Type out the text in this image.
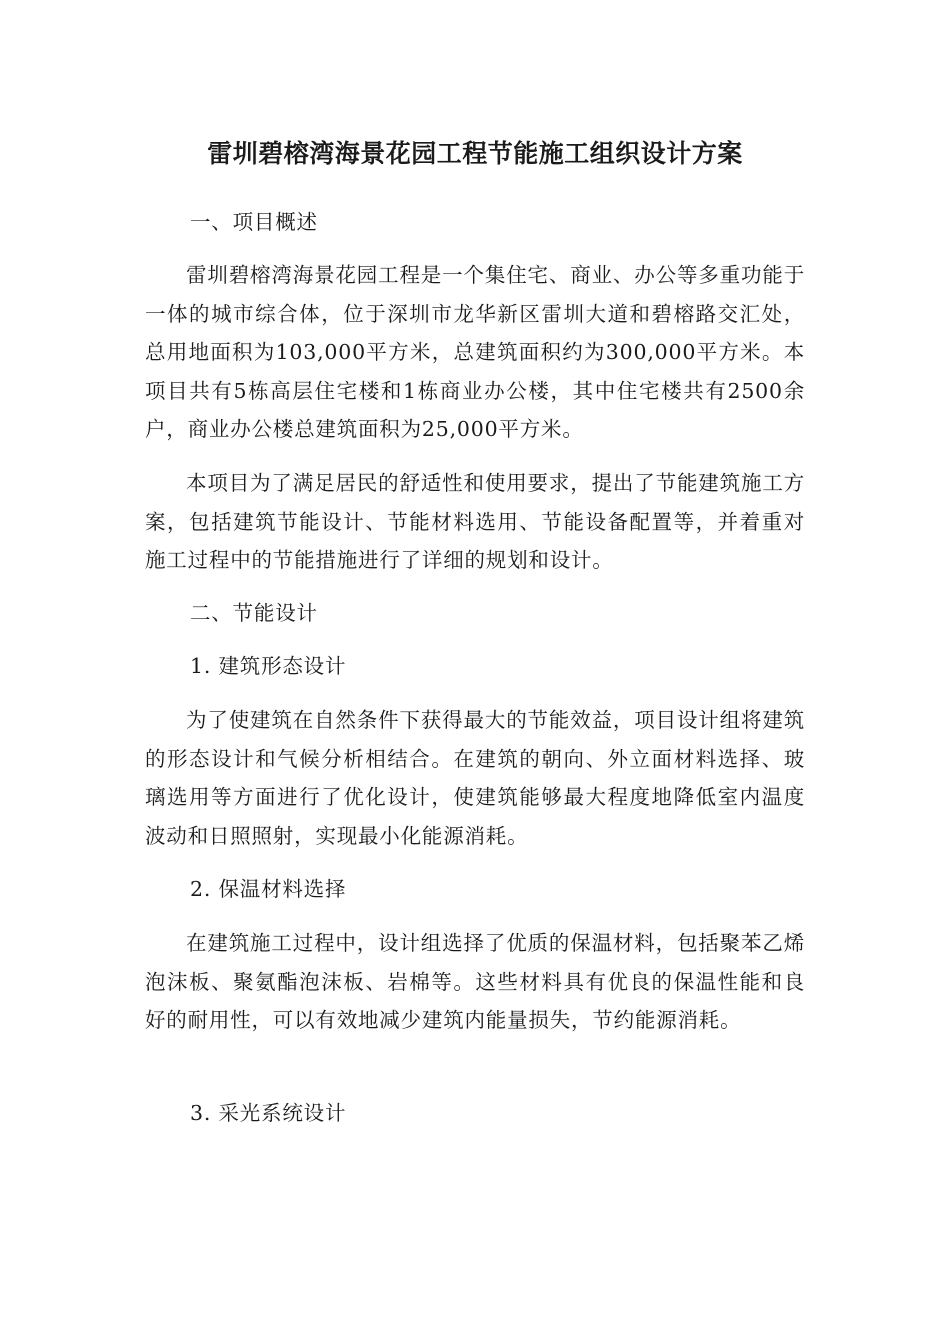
雷圳碧榕湾海景花园工程节能施工组织设计方案

一、项目概述

雷圳碧榕湾海景花园工程是一个集住宅、商业、办公等多重功能于一体的城市综合体，位于深圳市龙华新区雷圳大道和碧榕路交汇处，总用地面积为103,000平方米，总建筑面积约为300,000平方米。本项目共有5栋高层住宅楼和1栋商业办公楼，其中住宅楼共有2500余户，商业办公楼总建筑面积为25,000平方米。

本项目为了满足居民的舒适性和使用要求，提出了节能建筑施工方案，包括建筑节能设计、节能材料选用、节能设备配置等，并着重对施工过程中的节能措施进行了详细的规划和设计。

二、节能设计

1. 建筑形态设计

为了使建筑在自然条件下获得最大的节能效益，项目设计组将建筑的形态设计和气候分析相结合。在建筑的朝向、外立面材料选择、玻璃选用等方面进行了优化设计，使建筑能够最大程度地降低室内温度波动和日照照射，实现最小化能源消耗。

2. 保温材料选择

在建筑施工过程中，设计组选择了优质的保温材料，包括聚苯乙烯泡沫板、聚氨酯泡沫板、岩棉等。这些材料具有优良的保温性能和良好的耐用性，可以有效地减少建筑内能量损失，节约能源消耗。

3. 采光系统设计
